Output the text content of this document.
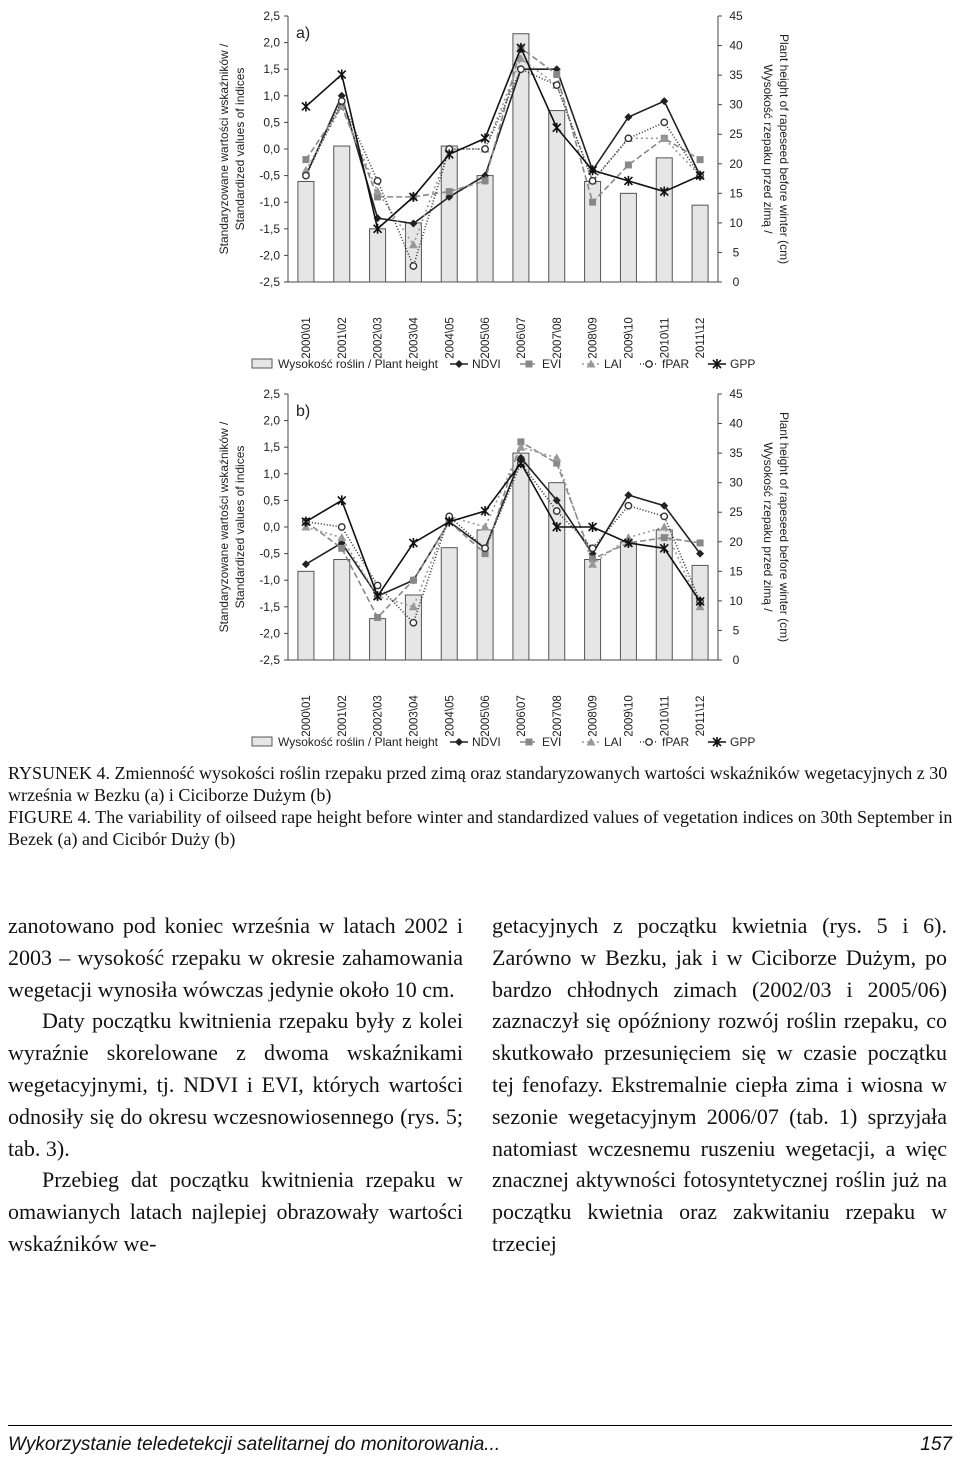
2,5
2,0
1,5
1,0
0,5
0,0
-0,5
-1,0
-1,5
-2,0
-2,5
45
40
35
30
25
20
15
10
5
0
Standaryzowane wartości wskaźników / Standardized values of indices	Wysokość rzepaku przed zimą / Plant height of rapeseed before winter (cm)
a)
2000\01 2001\02 2002\03 2003\04 2004\05 2005\06 2006\07 2007\08 2008\09 2009\10 2010\11 2011\12
Wysokość roślin / Plant height	NDVI	EVI	LAI	fPAR	GPP
2,5
2,0
1,5
1,0
0,5
0,0
-0,5
-1,0
-1,5
-2,0
-2,5
45
40
35
30
25
20
15
10
5
0
Standaryzowane wartości wskaźników / Standardized values of indices	Wysokość rzepaku przed zimą / Plant height of rapeseed before winter (cm)
b)
2000\01 2001\02 2002\03 2003\04 2004\05 2005\06 2006\07 2007\08 2008\09 2009\10 2010\11 2011\12
Wysokość roślin / Plant height	NDVI	EVI	LAI	fPAR	GPP

RYSUNEK 4. Zmienność wysokości roślin rzepaku przed zimą oraz standaryzowanych wartości wskaźników wegetacyjnych z 30 września w Bezku (a) i Ciciborze Dużym (b)

FIGURE 4. The variability of oilseed rape height before winter and standardized values of vegetation indices on 30th September in Bezek (a) and Cicibór Duży (b)

zanotowano pod koniec września w latach 2002 i 2003 – wysokość rzepaku w okresie zahamowania wegetacji wynosiła wówczas jedynie około 10 cm.

Daty początku kwitnienia rzepaku były z kolei wyraźnie skorelowane z dwoma wskaźnikami wegetacyjnymi, tj. NDVI i EVI, których wartości odnosiły się do okresu wczesnowiosennego (rys. 5; tab. 3).

Przebieg dat początku kwitnienia rzepaku w omawianych latach najlepiej obrazowały wartości wskaźników we-

getacyjnych z początku kwietnia (rys. 5 i 6). Zarówno w Bezku, jak i w Ciciborze Dużym, po bardzo chłodnych zimach (2002/03 i 2005/06) zaznaczył się opóźniony rozwój roślin rzepaku, co skutkowało przesunięciem się w czasie początku tej fenofazy. Ekstremalnie ciepła zima i wiosna w sezonie wegetacyjnym 2006/07 (tab. 1) sprzyjała natomiast wczesnemu ruszeniu wegetacji, a więc znacznej aktywności fotosyntetycznej roślin już na początku kwietnia oraz zakwitaniu rzepaku w trzeciej

Wykorzystanie teledetekcji satelitarnej do monitorowania...	157
